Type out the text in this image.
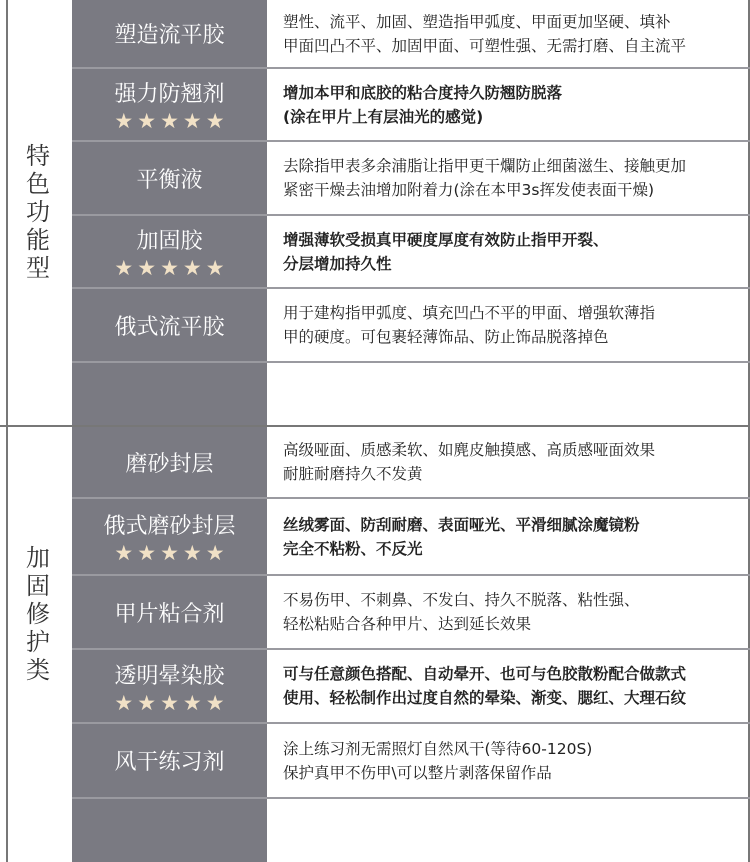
特色功能型
塑造流平胶
塑性、流平、加固、塑造指甲弧度、甲面更加坚硬、填补
甲面凹凸不平、加固甲面、可塑性强、无需打磨、自主流平
强力防翘剂
★ ★ ★ ★ ★
增加本甲和底胶的粘合度持久防翘防脱落
(涂在甲片上有层油光的感觉)
平衡液
去除指甲表多余浦脂让指甲更干爛防止细菌滋生、接触更加
紧密干燥去油增加附着力(涂在本甲3s挥发使表面干燥)
加固胶
★ ★ ★ ★ ★
增强薄软受损真甲硬度厚度有效防止指甲开裂、
分层增加持久性
俄式流平胶
用于建构指甲弧度、填充凹凸不平的甲面、增强软薄指
甲的硬度。可包裹轻薄饰品、防止饰品脱落掉色
加固修护类
磨砂封层
高级哑面、质感柔软、如麂皮触摸感、高质感哑面效果
耐脏耐磨持久不发黄
俄式磨砂封层
★ ★ ★ ★ ★
丝绒雾面、防刮耐磨、表面哑光、平滑细腻涂魔镜粉
完全不粘粉、不反光
甲片粘合剂
不易伤甲、不刺鼻、不发白、持久不脱落、粘性强、
轻松粘贴合各种甲片、达到延长效果
透明晕染胶
★ ★ ★ ★ ★
可与任意颜色搭配、自动晕开、也可与色胶散粉配合做款式
使用、轻松制作出过度自然的晕染、渐变、腮红、大理石纹
风干练习剂
涂上练习剂无需照灯自然风干(等待60-120S)
保护真甲不伤甲\可以整片剥落保留作品
